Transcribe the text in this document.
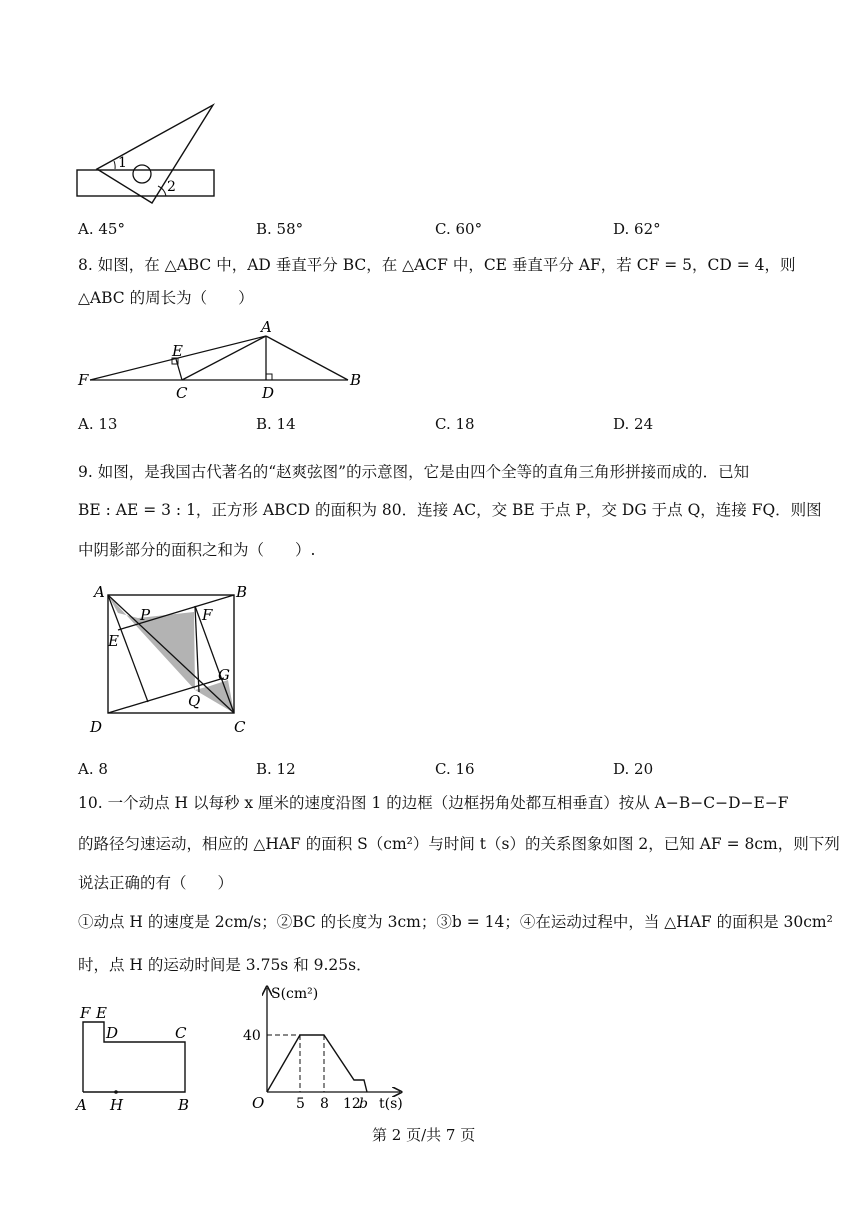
1
2
A. 45°	B. 58°	C. 60°	D. 62°
8. 如图，在 △ABC 中，AD 垂直平分 BC，在 △ACF 中，CE 垂直平分 AF，若 CF = 5，CD = 4，则
△ABC 的周长为（　　）
F
E
C
A
D
B
A. 13	B. 14	C. 18	D. 24
9. 如图，是我国古代著名的“赵爽弦图”的示意图，它是由四个全等的直角三角形拼接而成的．已知
BE : AE = 3 : 1，正方形 ABCD 的面积为 80．连接 AC，交 BE 于点 P，交 DG 于点 Q，连接 FQ．则图
中阴影部分的面积之和为（　　）.
A	B
C
D
E
F
G
P
Q
A. 8	B. 12	C. 16	D. 20
10. 一个动点 H 以每秒 x 厘米的速度沿图 1 的边框（边框拐角处都互相垂直）按从 A−B−C−D−E−F
的路径匀速运动，相应的 △HAF 的面积 S（cm²）与时间 t（s）的关系图象如图 2，已知 AF = 8cm，则下列
说法正确的有（　　）
①动点 H 的速度是 2cm/s；②BC 的长度为 3cm；③b = 14；④在运动过程中，当 △HAF 的面积是 30cm²
时，点 H 的运动时间是 3.75s 和 9.25s．
F E
D	C
A H	B
S(cm²)
40
O 5 8 12
b t(s)
第 2 页/共 7 页
